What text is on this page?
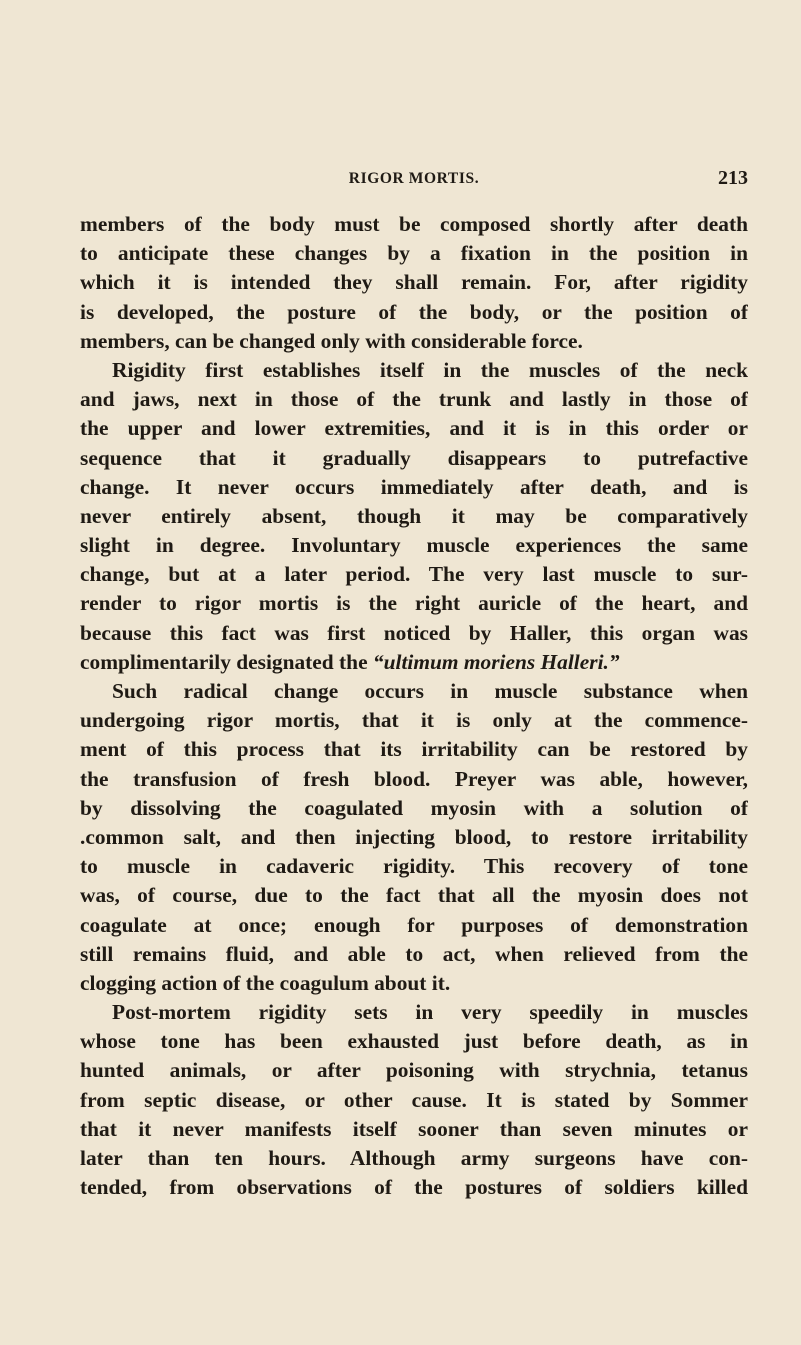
RIGOR MORTIS.	213
members of the body must be composed shortly after death
to anticipate these changes by a fixation in the position in
which it is intended they shall remain. For, after rigidity
is developed, the posture of the body, or the position of
members, can be changed only with considerable force.
Rigidity first establishes itself in the muscles of the neck
and jaws, next in those of the trunk and lastly in those of
the upper and lower extremities, and it is in this order or
sequence that it gradually disappears to putrefactive
change. It never occurs immediately after death, and is
never entirely absent, though it may be comparatively
slight in degree. Involuntary muscle experiences the same
change, but at a later period. The very last muscle to sur-
render to rigor mortis is the right auricle of the heart, and
because this fact was first noticed by Haller, this organ was
complimentarily designated the “ultimum moriens Halleri.”
Such radical change occurs in muscle substance when
undergoing rigor mortis, that it is only at the commence-
ment of this process that its irritability can be restored by
the transfusion of fresh blood. Preyer was able, however,
by dissolving the coagulated myosin with a solution of
.common salt, and then injecting blood, to restore irritability
to muscle in cadaveric rigidity. This recovery of tone
was, of course, due to the fact that all the myosin does not
coagulate at once; enough for purposes of demonstration
still remains fluid, and able to act, when relieved from the
clogging action of the coagulum about it.
Post-mortem rigidity sets in very speedily in muscles
whose tone has been exhausted just before death, as in
hunted animals, or after poisoning with strychnia, tetanus
from septic disease, or other cause. It is stated by Sommer
that it never manifests itself sooner than seven minutes or
later than ten hours. Although army surgeons have con-
tended, from observations of the postures of soldiers killed
